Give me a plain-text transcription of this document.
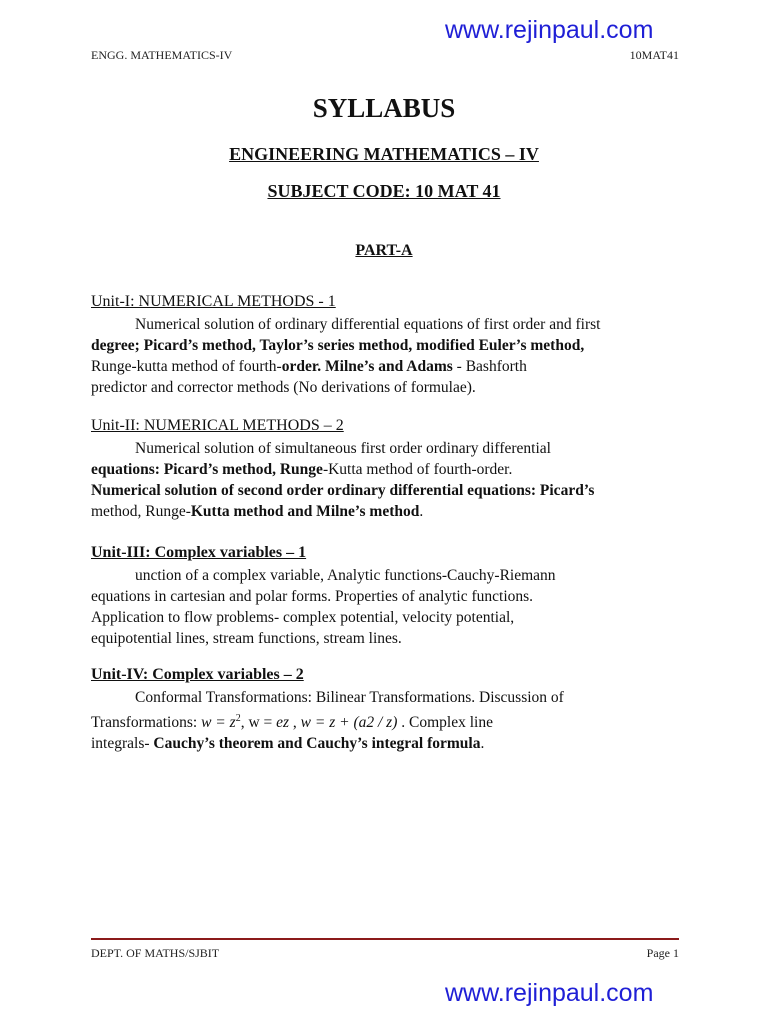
www.rejinpaul.com
ENGG. MATHEMATICS-IV	10MAT41
SYLLABUS
ENGINEERING MATHEMATICS – IV
SUBJECT CODE: 10 MAT 41
PART-A
Unit-I: NUMERICAL METHODS - 1

Numerical solution of ordinary differential equations of first order and first

degree; Picard’s method, Taylor’s series method, modified Euler’s method,

Runge-kutta method of fourth-order. Milne’s and Adams - Bashforth

predictor and corrector methods (No derivations of formulae).

Unit-II: NUMERICAL METHODS – 2

Numerical solution of simultaneous first order ordinary differential

equations: Picard’s method, Runge-Kutta method of fourth-order.

Numerical solution of second order ordinary differential equations: Picard’s

method, Runge-Kutta method and Milne’s method.

Unit-III: Complex variables – 1

unction of a complex variable, Analytic functions-Cauchy-Riemann

equations in cartesian and polar forms. Properties of analytic functions.

Application to flow problems- complex potential, velocity potential,

equipotential lines, stream functions, stream lines.

Unit-IV: Complex variables – 2

Conformal Transformations: Bilinear Transformations. Discussion of

Transformations: $w = z^2$, w = ez , w = z + (a2 / z) . Complex line

integrals- Cauchy’s theorem and Cauchy’s integral formula.

DEPT. OF MATHS/SJBIT	Page 1
www.rejinpaul.com
